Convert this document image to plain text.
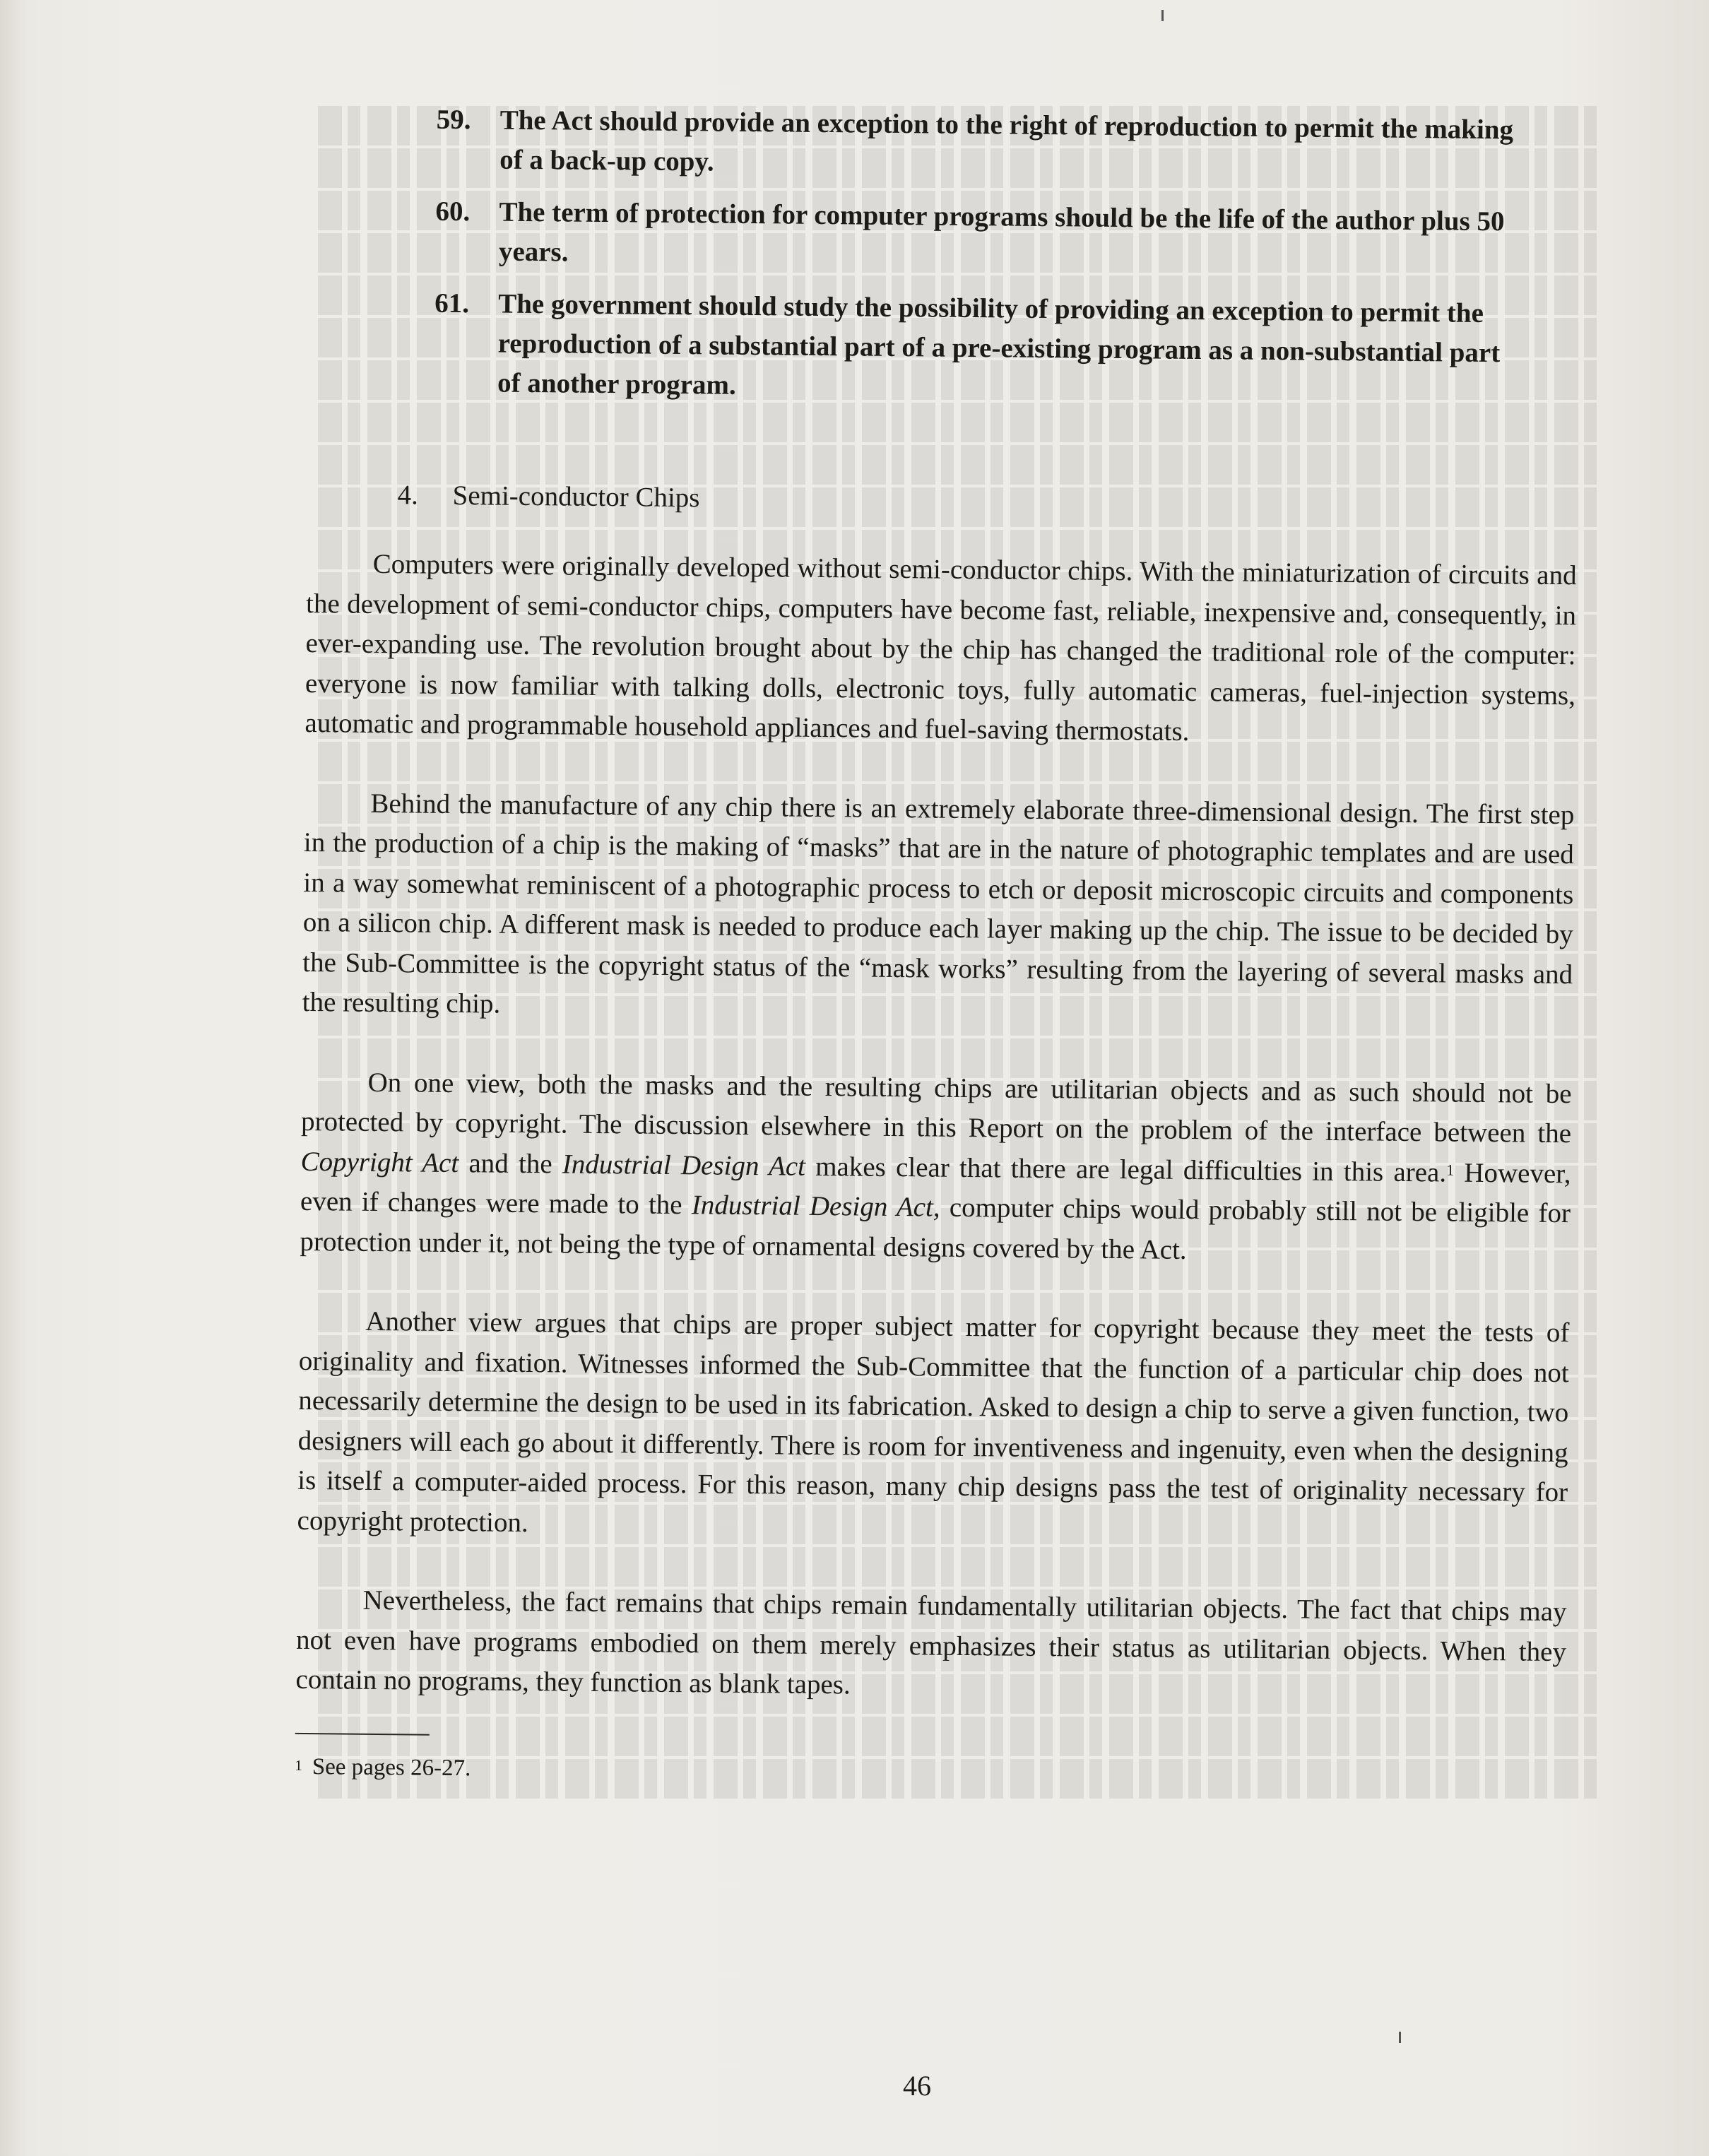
59.	The Act should provide an exception to the right of reproduction to permit the making of a back-up copy.
60.	The term of protection for computer programs should be the life of the author plus 50 years.
61.	The government should study the possibility of providing an exception to permit the reproduction of a substantial part of a pre-existing program as a non-substantial part of another program.
4. Semi-conductor Chips

Computers were originally developed without semi-conductor chips. With the miniaturization of circuits and the development of semi-conductor chips, computers have become fast, reliable, inexpensive and, consequently, in ever-expanding use. The revolution brought about by the chip has changed the traditional role of the computer: everyone is now familiar with talking dolls, electronic toys, fully automatic cameras, fuel-injection systems, automatic and programmable household appliances and fuel-saving thermostats.

Behind the manufacture of any chip there is an extremely elaborate three-dimensional design. The first step in the production of a chip is the making of “masks” that are in the nature of photographic templates and are used in a way somewhat reminiscent of a photographic process to etch or deposit microscopic circuits and components on a silicon chip. A different mask is needed to produce each layer making up the chip. The issue to be decided by the Sub-Committee is the copyright status of the “mask works” resulting from the layering of several masks and the resulting chip.

On one view, both the masks and the resulting chips are utilitarian objects and as such should not be protected by copyright. The discussion elsewhere in this Report on the problem of the interface between the Copyright Act and the Industrial Design Act makes clear that there are legal difficulties in this area.$^1$ However, even if changes were made to the Industrial Design Act, computer chips would probably still not be eligible for protection under it, not being the type of ornamental designs covered by the Act.

Another view argues that chips are proper subject matter for copyright because they meet the tests of originality and fixation. Witnesses informed the Sub-Committee that the function of a particular chip does not necessarily determine the design to be used in its fabrication. Asked to design a chip to serve a given function, two designers will each go about it differently. There is room for inventiveness and ingenuity, even when the designing is itself a computer-aided process. For this reason, many chip designs pass the test of originality necessary for copyright protection.

Nevertheless, the fact remains that chips remain fundamentally utilitarian objects. The fact that chips may not even have programs embodied on them merely emphasizes their status as utilitarian objects. When they contain no programs, they function as blank tapes.

$^1$ See pages 26-27.
46
